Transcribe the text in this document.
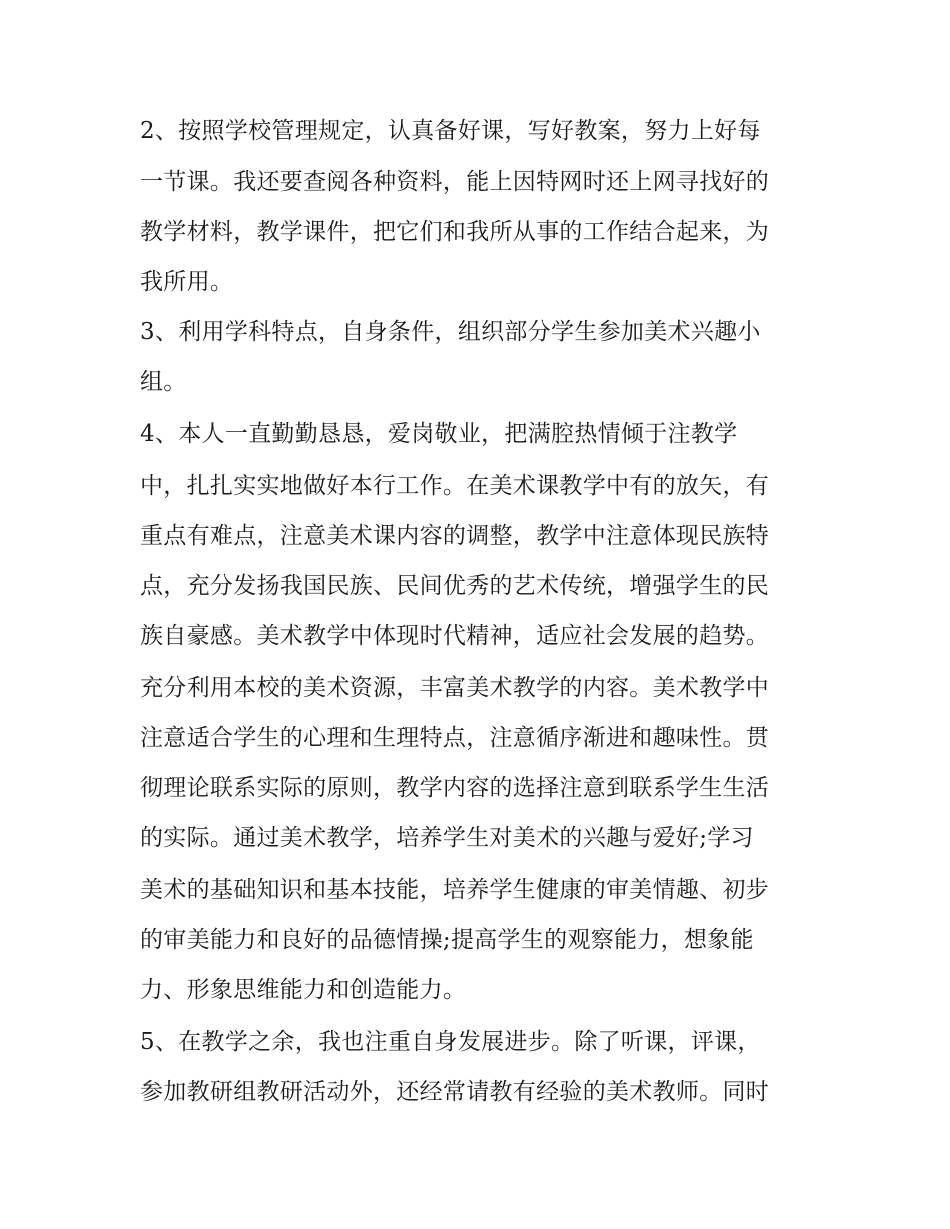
2、按照学校管理规定，认真备好课，写好教案，努力上好每
一节课。我还要查阅各种资料，能上因特网时还上网寻找好的
教学材料，教学课件，把它们和我所从事的工作结合起来，为
我所用。
3、利用学科特点，自身条件，组织部分学生参加美术兴趣小
组。
4、本人一直勤勤恳恳，爱岗敬业，把满腔热情倾于注教学
中，扎扎实实地做好本行工作。在美术课教学中有的放矢，有
重点有难点，注意美术课内容的调整，教学中注意体现民族特
点，充分发扬我国民族、民间优秀的艺术传统，增强学生的民
族自豪感。美术教学中体现时代精神，适应社会发展的趋势。
充分利用本校的美术资源，丰富美术教学的内容。美术教学中
注意适合学生的心理和生理特点，注意循序渐进和趣味性。贯
彻理论联系实际的原则，教学内容的选择注意到联系学生生活
的实际。通过美术教学，培养学生对美术的兴趣与爱好;学习
美术的基础知识和基本技能，培养学生健康的审美情趣、初步
的审美能力和良好的品德情操;提高学生的观察能力，想象能
力、形象思维能力和创造能力。
5、在教学之余，我也注重自身发展进步。除了听课，评课，
参加教研组教研活动外，还经常请教有经验的美术教师。同时
